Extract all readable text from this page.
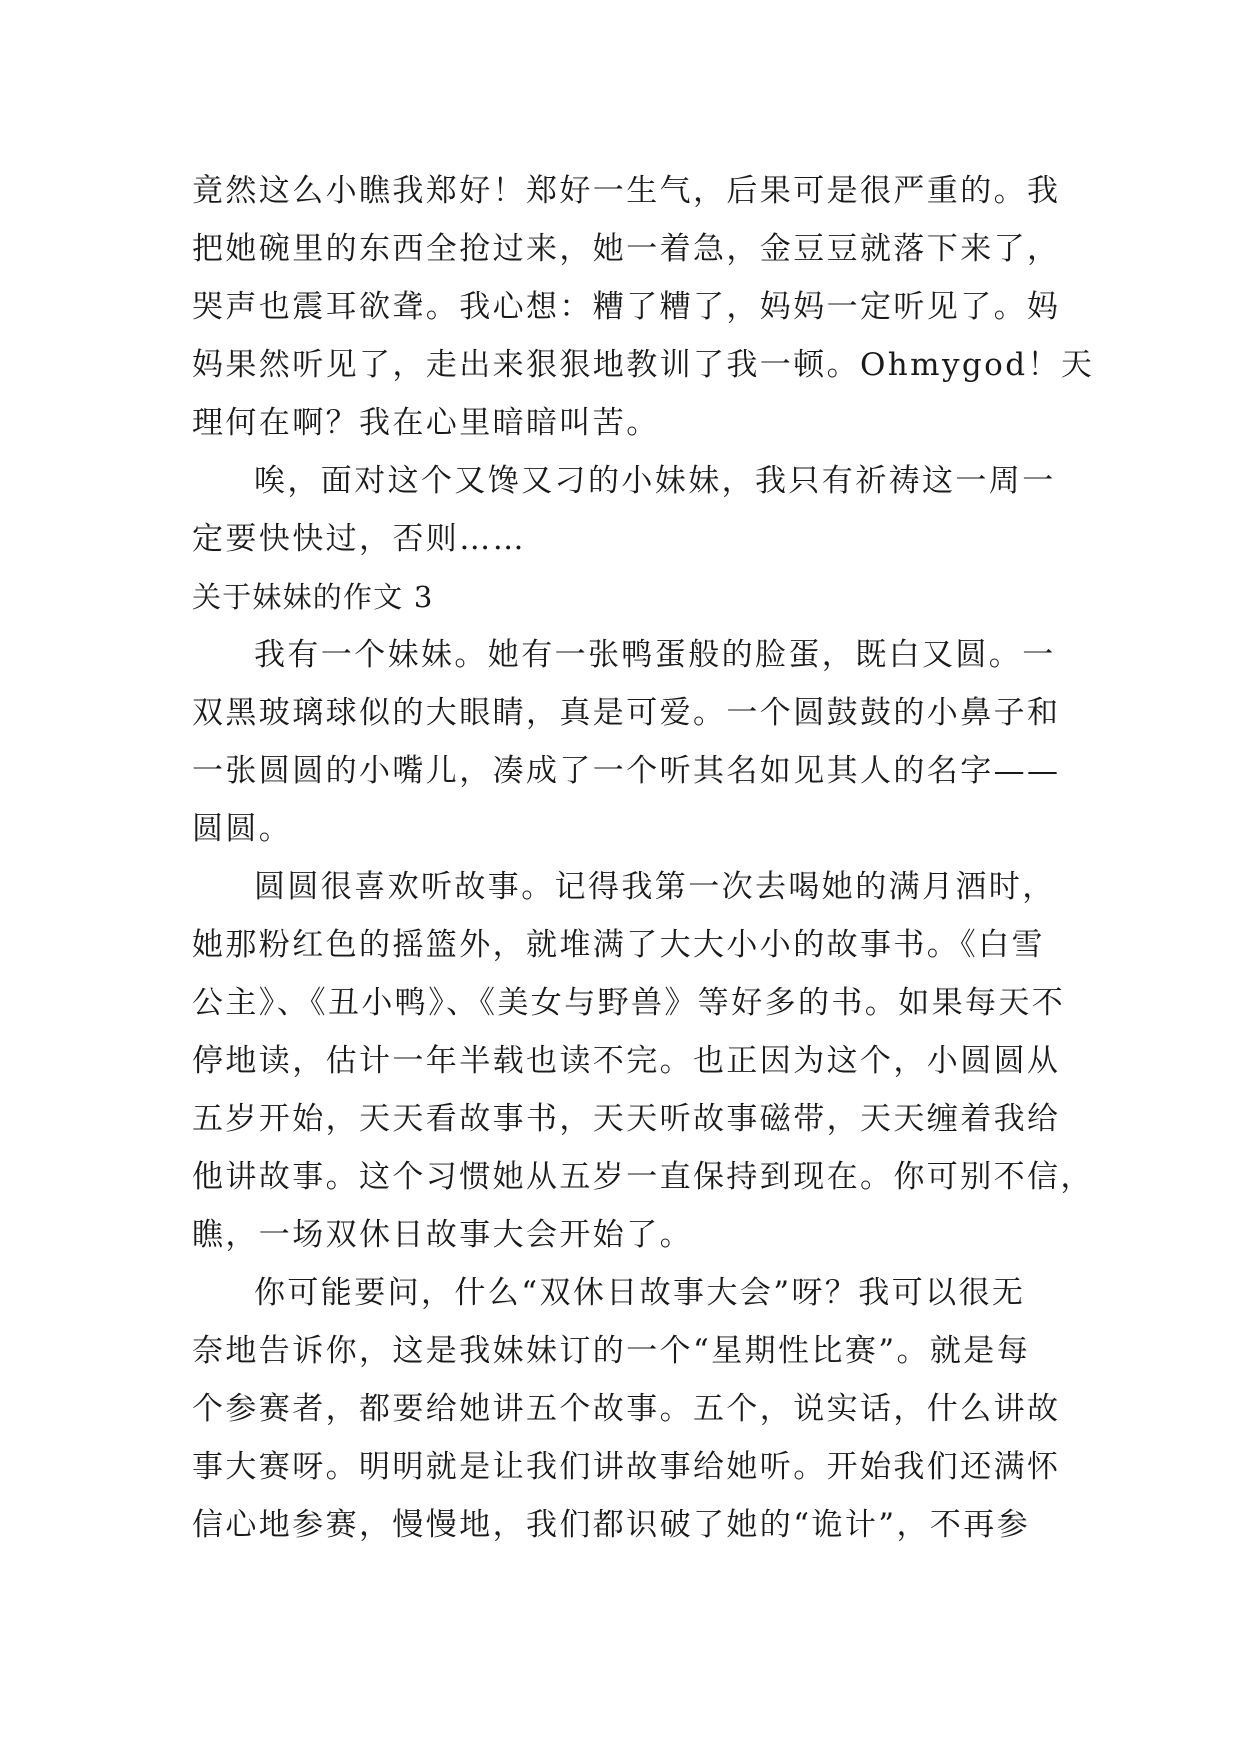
竟然这么小瞧我郑好！郑好一生气，后果可是很严重的。我
把她碗里的东西全抢过来，她一着急，金豆豆就落下来了，
哭声也震耳欲聋。我心想：糟了糟了，妈妈一定听见了。妈
妈果然听见了，走出来狠狠地教训了我一顿。Ohmygod！天
理何在啊？我在心里暗暗叫苦。
唉，面对这个又馋又刁的小妹妹，我只有祈祷这一周一
定要快快过，否则……
关于妹妹的作文 3
我有一个妹妹。她有一张鸭蛋般的脸蛋，既白又圆。一
双黑玻璃球似的大眼睛，真是可爱。一个圆鼓鼓的小鼻子和
一张圆圆的小嘴儿，凑成了一个听其名如见其人的名字——
圆圆。
圆圆很喜欢听故事。记得我第一次去喝她的满月酒时，
她那粉红色的摇篮外，就堆满了大大小小的故事书。《白雪
公主》、《丑小鸭》、《美女与野兽》等好多的书。如果每天不
停地读，估计一年半载也读不完。也正因为这个，小圆圆从
五岁开始，天天看故事书，天天听故事磁带，天天缠着我给
他讲故事。这个习惯她从五岁一直保持到现在。你可别不信，
瞧，一场双休日故事大会开始了。
你可能要问，什么“双休日故事大会”呀？我可以很无
奈地告诉你，这是我妹妹订的一个“星期性比赛”。就是每
个参赛者，都要给她讲五个故事。五个，说实话，什么讲故
事大赛呀。明明就是让我们讲故事给她听。开始我们还满怀
信心地参赛，慢慢地，我们都识破了她的“诡计”，不再参
